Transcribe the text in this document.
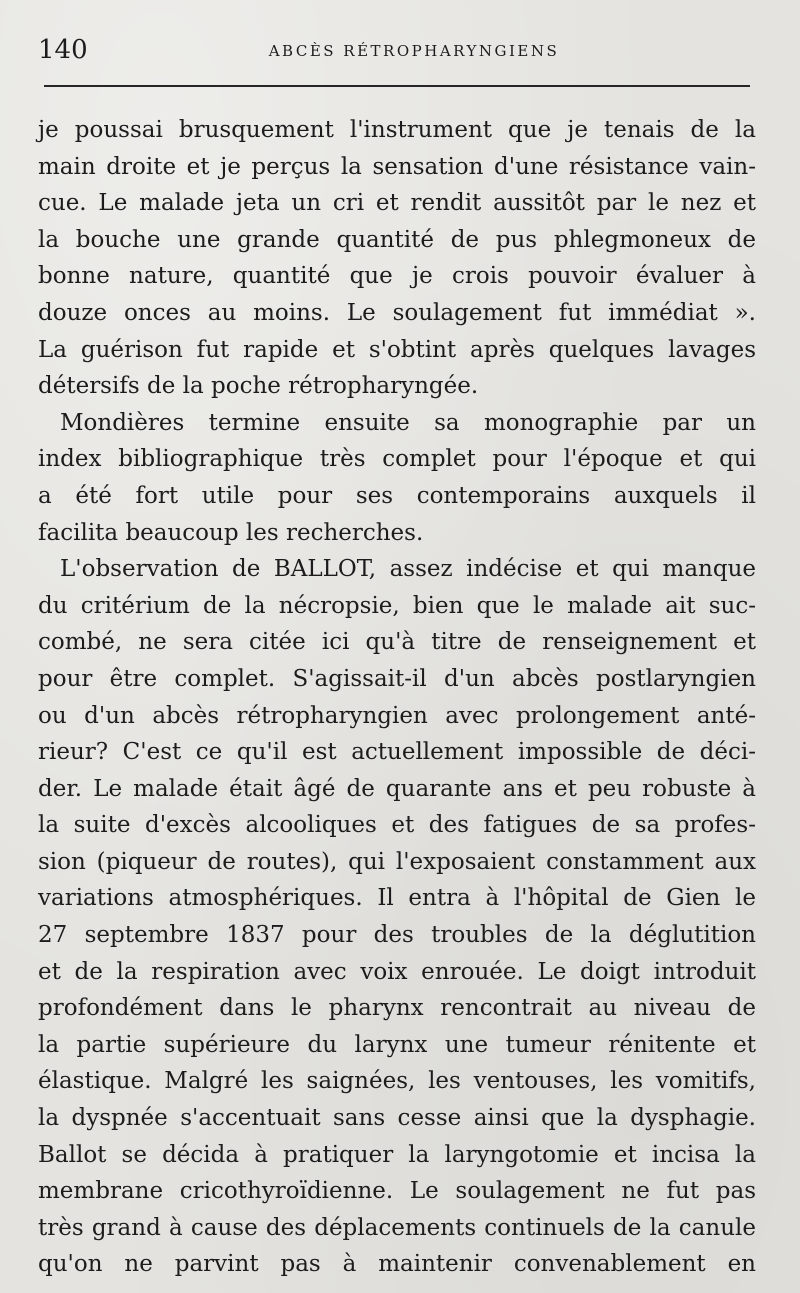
140	ABCÈS RÉTROPHARYNGIENS
je poussai brusquement l'instrument que je tenais de la
main droite et je perçus la sensation d'une résistance vain-
cue. Le malade jeta un cri et rendit aussitôt par le nez et
la bouche une grande quantité de pus phlegmoneux de
bonne nature, quantité que je crois pouvoir évaluer à
douze onces au moins. Le soulagement fut immédiat ».
La guérison fut rapide et s'obtint après quelques lavages
détersifs de la poche rétropharyngée.
Mondières termine ensuite sa monographie par un
index bibliographique très complet pour l'époque et qui
a été fort utile pour ses contemporains auxquels il
facilita beaucoup les recherches.
L'observation de BALLOT, assez indécise et qui manque
du critérium de la nécropsie, bien que le malade ait suc-
combé, ne sera citée ici qu'à titre de renseignement et
pour être complet. S'agissait-il d'un abcès postlaryngien
ou d'un abcès rétropharyngien avec prolongement anté-
rieur? C'est ce qu'il est actuellement impossible de déci-
der. Le malade était âgé de quarante ans et peu robuste à
la suite d'excès alcooliques et des fatigues de sa profes-
sion (piqueur de routes), qui l'exposaient constamment aux
variations atmosphériques. Il entra à l'hôpital de Gien le
27 septembre 1837 pour des troubles de la déglutition
et de la respiration avec voix enrouée. Le doigt introduit
profondément dans le pharynx rencontrait au niveau de
la partie supérieure du larynx une tumeur rénitente et
élastique. Malgré les saignées, les ventouses, les vomitifs,
la dyspnée s'accentuait sans cesse ainsi que la dysphagie.
Ballot se décida à pratiquer la laryngotomie et incisa la
membrane cricothyroïdienne. Le soulagement ne fut pas
très grand à cause des déplacements continuels de la canule
qu'on ne parvint pas à maintenir convenablement en
